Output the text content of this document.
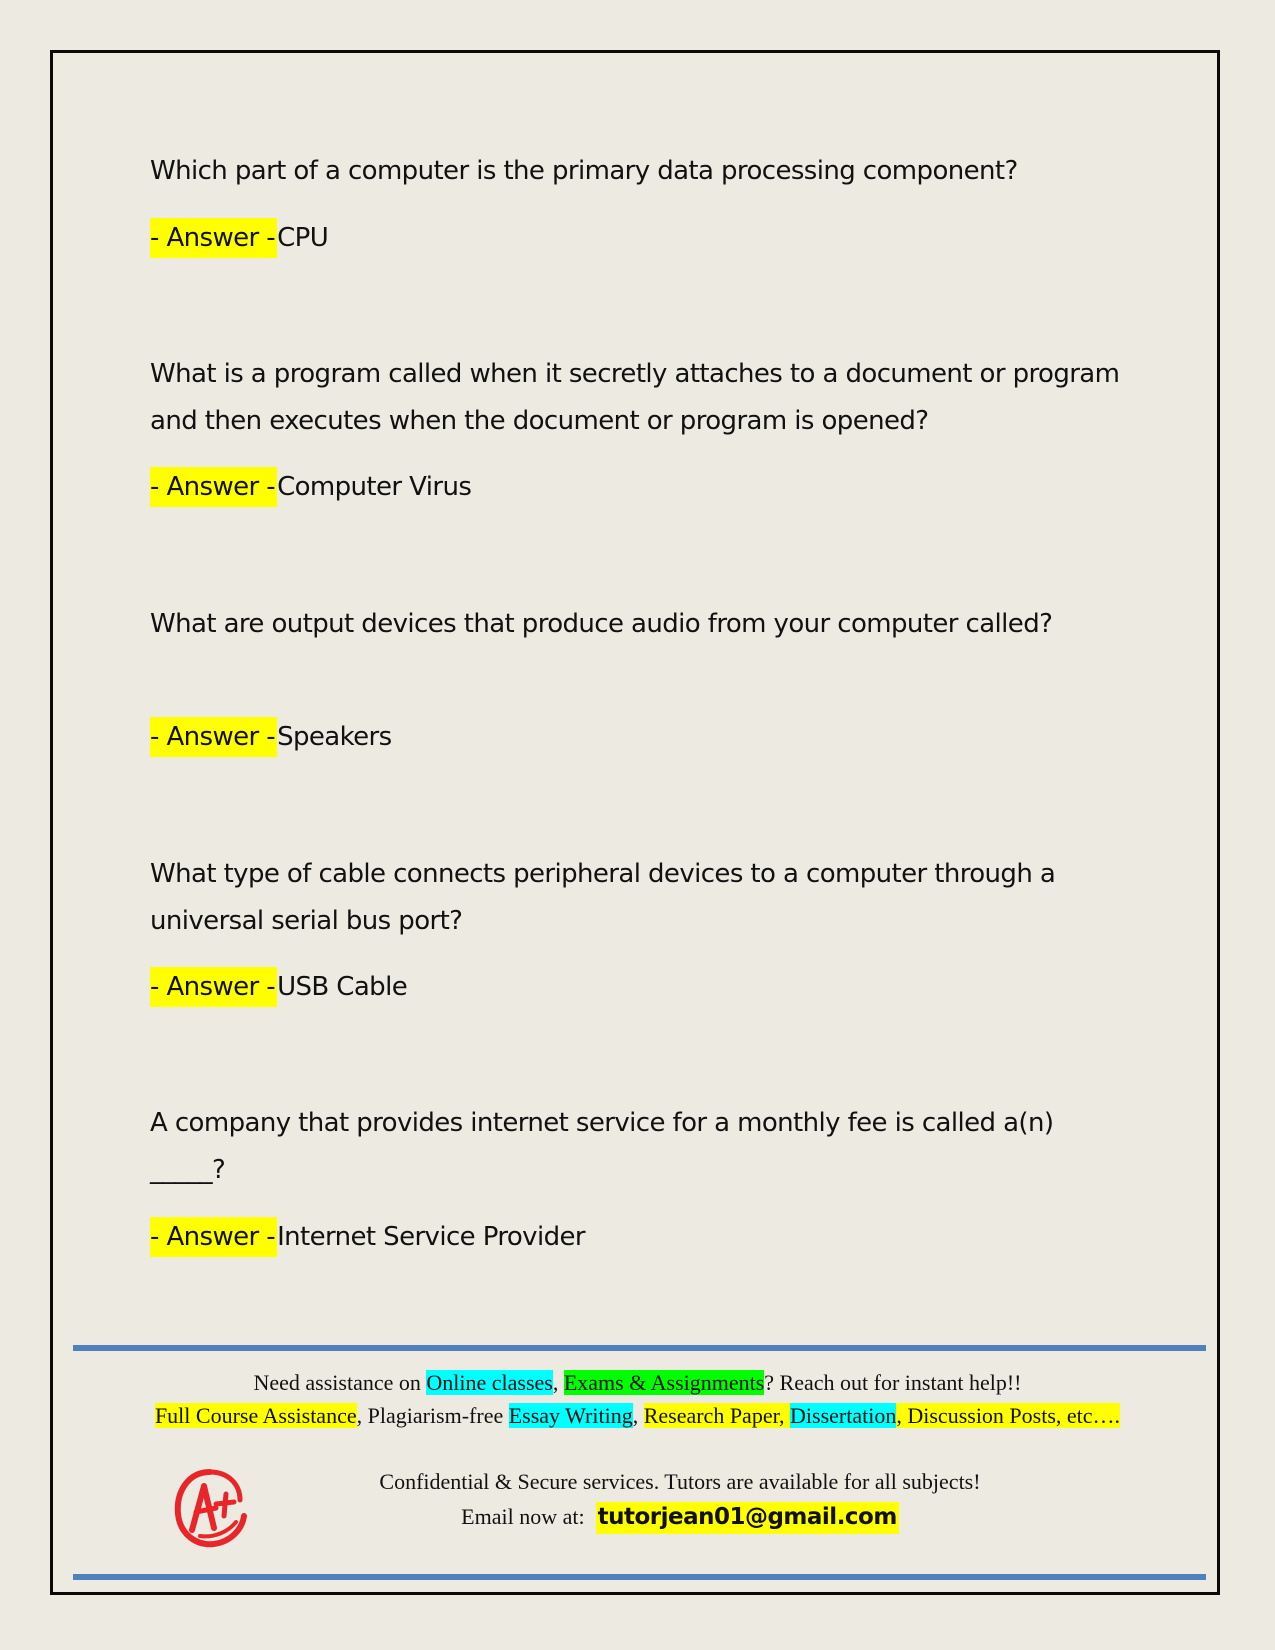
Which part of a computer is the primary data processing component?

- Answer -CPU

What is a program called when it secretly attaches to a document or program and then executes when the document or program is opened?

- Answer -Computer Virus

What are output devices that produce audio from your computer called?

- Answer -Speakers

What type of cable connects peripheral devices to a computer through a universal serial bus port?

- Answer -USB Cable

A company that provides internet service for a monthly fee is called a(n) _____?

- Answer -Internet Service Provider
Need assistance on Online classes, Exams & Assignments? Reach out for instant help!!
Full Course Assistance, Plagiarism-free Essay Writing, Research Paper, Dissertation, Discussion Posts, etc….
Confidential & Secure services. Tutors are available for all subjects!
Email now at:  tutorjean01@gmail.com
